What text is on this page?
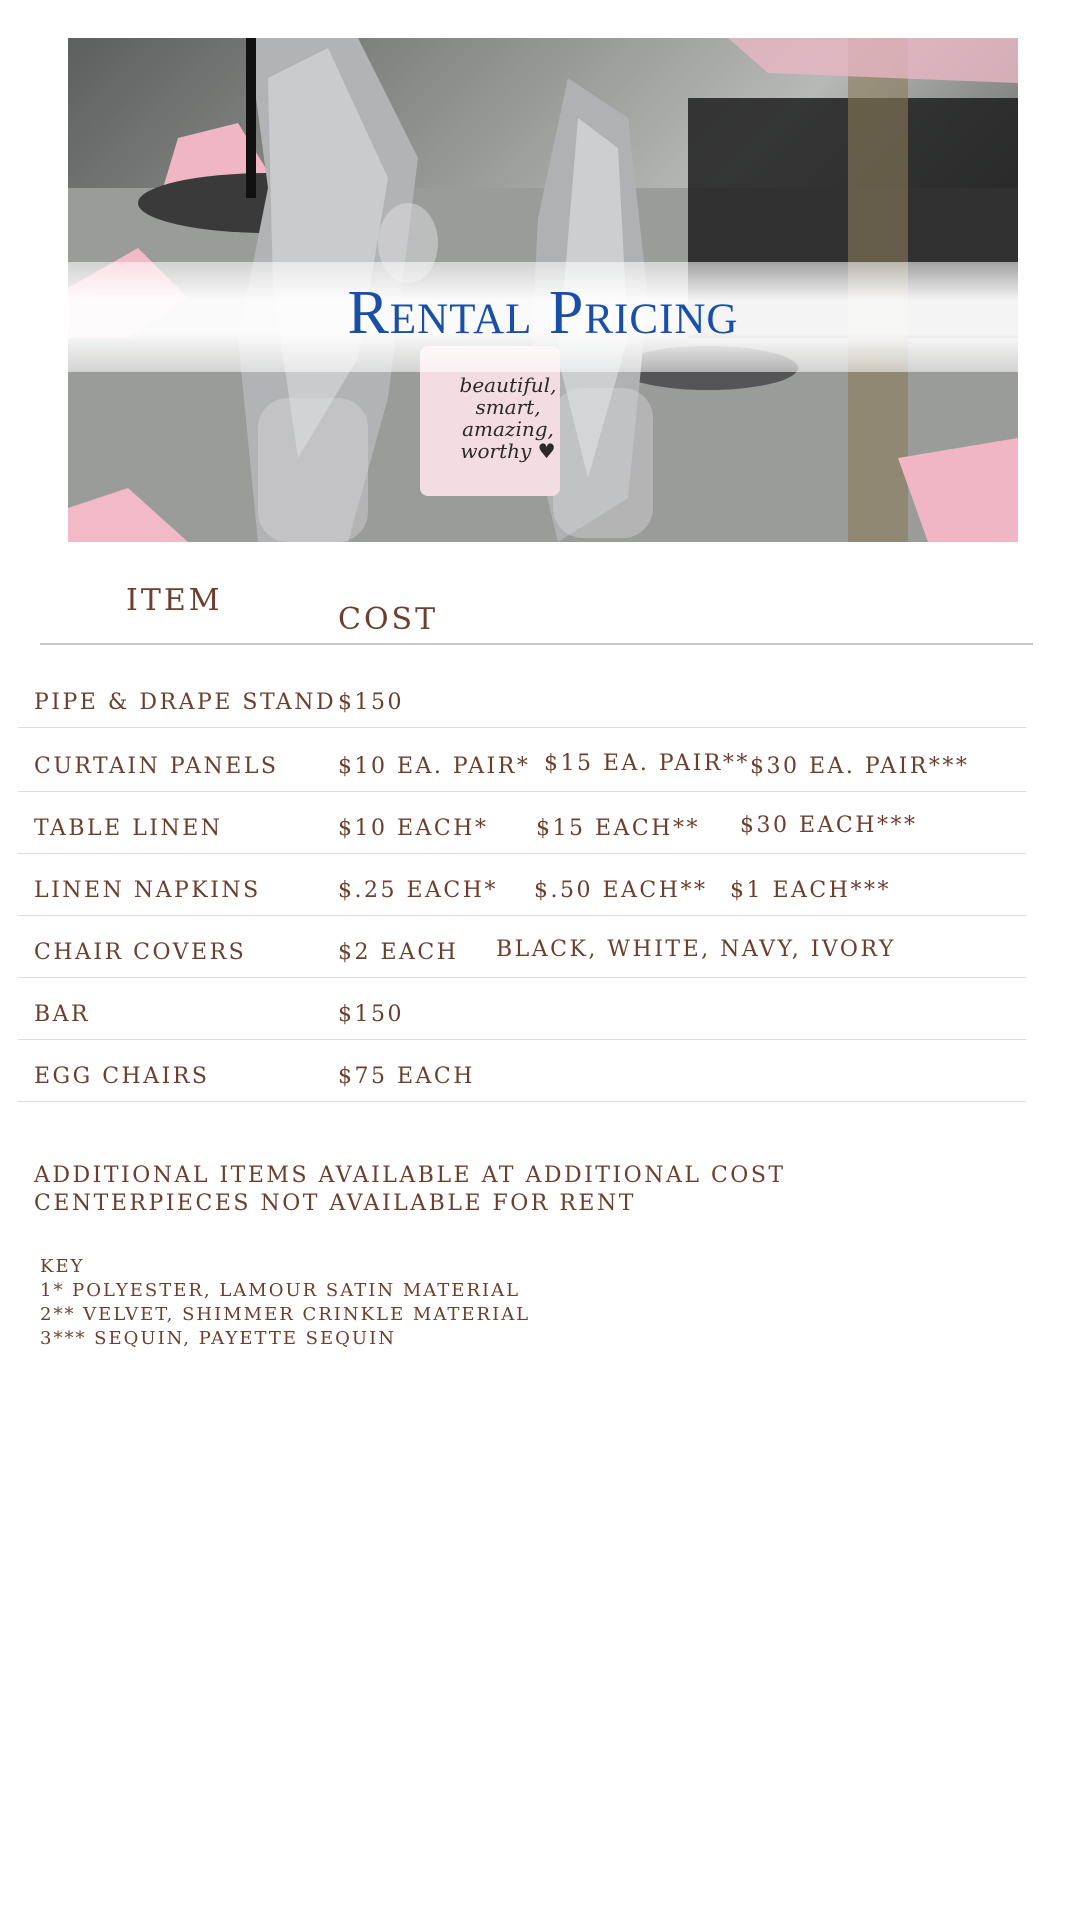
Rental Pricing
beautiful,
smart,
amazing,
worthy ♥
ITEM
COST
PIPE & DRAPE STAND $150
CURTAIN PANELS	$10 EA. PAIR* $15 EA. PAIR** $30 EA. PAIR***
TABLE LINEN	$10 EACH* $15 EACH** $30 EACH***
LINEN NAPKINS	$.25 EACH* $.50 EACH** $1 EACH***
CHAIR COVERS	$2 EACH BLACK, WHITE, NAVY, IVORY
BAR	$150
EGG CHAIRS	$75 EACH
ADDITIONAL ITEMS AVAILABLE AT ADDITIONAL COST
CENTERPIECES NOT AVAILABLE FOR RENT
KEY
1* POLYESTER, LAMOUR SATIN MATERIAL
2** VELVET, SHIMMER CRINKLE MATERIAL
3*** SEQUIN, PAYETTE SEQUIN
